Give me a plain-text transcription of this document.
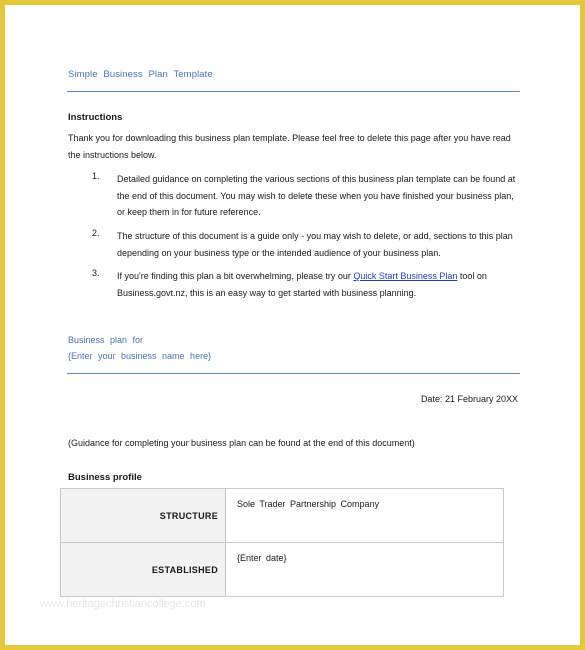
Simple Business Plan Template
Instructions
Thank you for downloading this business plan template. Please feel free to delete this page after you have read the instructions below.
1. Detailed guidance on completing the various sections of this business plan template can be found at the end of this document. You may wish to delete these when you have finished your business plan, or keep them in for future reference.
2. The structure of this document is a guide only - you may wish to delete, or add, sections to this plan depending on your business type or the intended audience of your business plan.
3. If you're finding this plan a bit overwhelming, please try our Quick Start Business Plan tool on Business.govt.nz, this is an easy way to get started with business planning.
Business plan for
{Enter your business name here}
Date: 21 February 20XX
(Guidance for completing your business plan can be found at the end of this document)
Business profile
STRUCTURE	Sole Trader Partnership Company
ESTABLISHED	{Enter date}
www.heritagechristiancollege.com
